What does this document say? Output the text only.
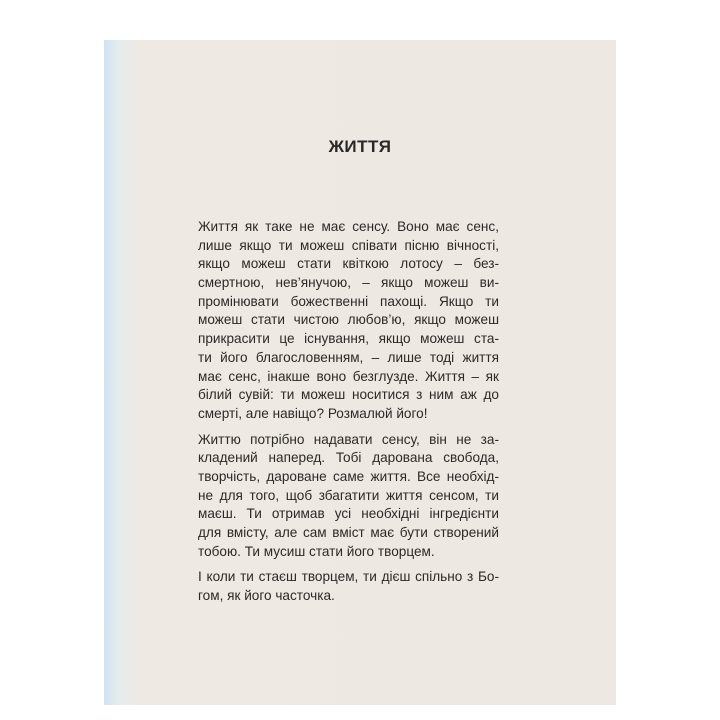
ЖИТТЯ
Життя як таке не має сенсу. Воно має сенс,
лише якщо ти можеш співати пісню вічності,
якщо можеш стати квіткою лотосу – без-
смертною, нев’янучою, – якщо можеш ви-
промінювати божественні пахощі. Якщо ти
можеш стати чистою любов’ю, якщо можеш
прикрасити це існування, якщо можеш ста-
ти його благословенням, – лише тоді життя
має сенс, інакше воно безглузде. Життя – як
білий сувій: ти можеш носитися з ним аж до
смерті, але навіщо? Розмалюй його!
Життю потрібно надавати сенсу, він не за-
кладений наперед. Тобі дарована свобода,
творчість, дароване саме життя. Все необхід-
не для того, щоб збагатити життя сенсом, ти
маєш. Ти отримав усі необхідні інгредієнти
для вмісту, але сам вміст має бути створений
тобою. Ти мусиш стати його творцем.
І коли ти стаєш творцем, ти дієш спільно з Бо-
гом, як його часточка.
